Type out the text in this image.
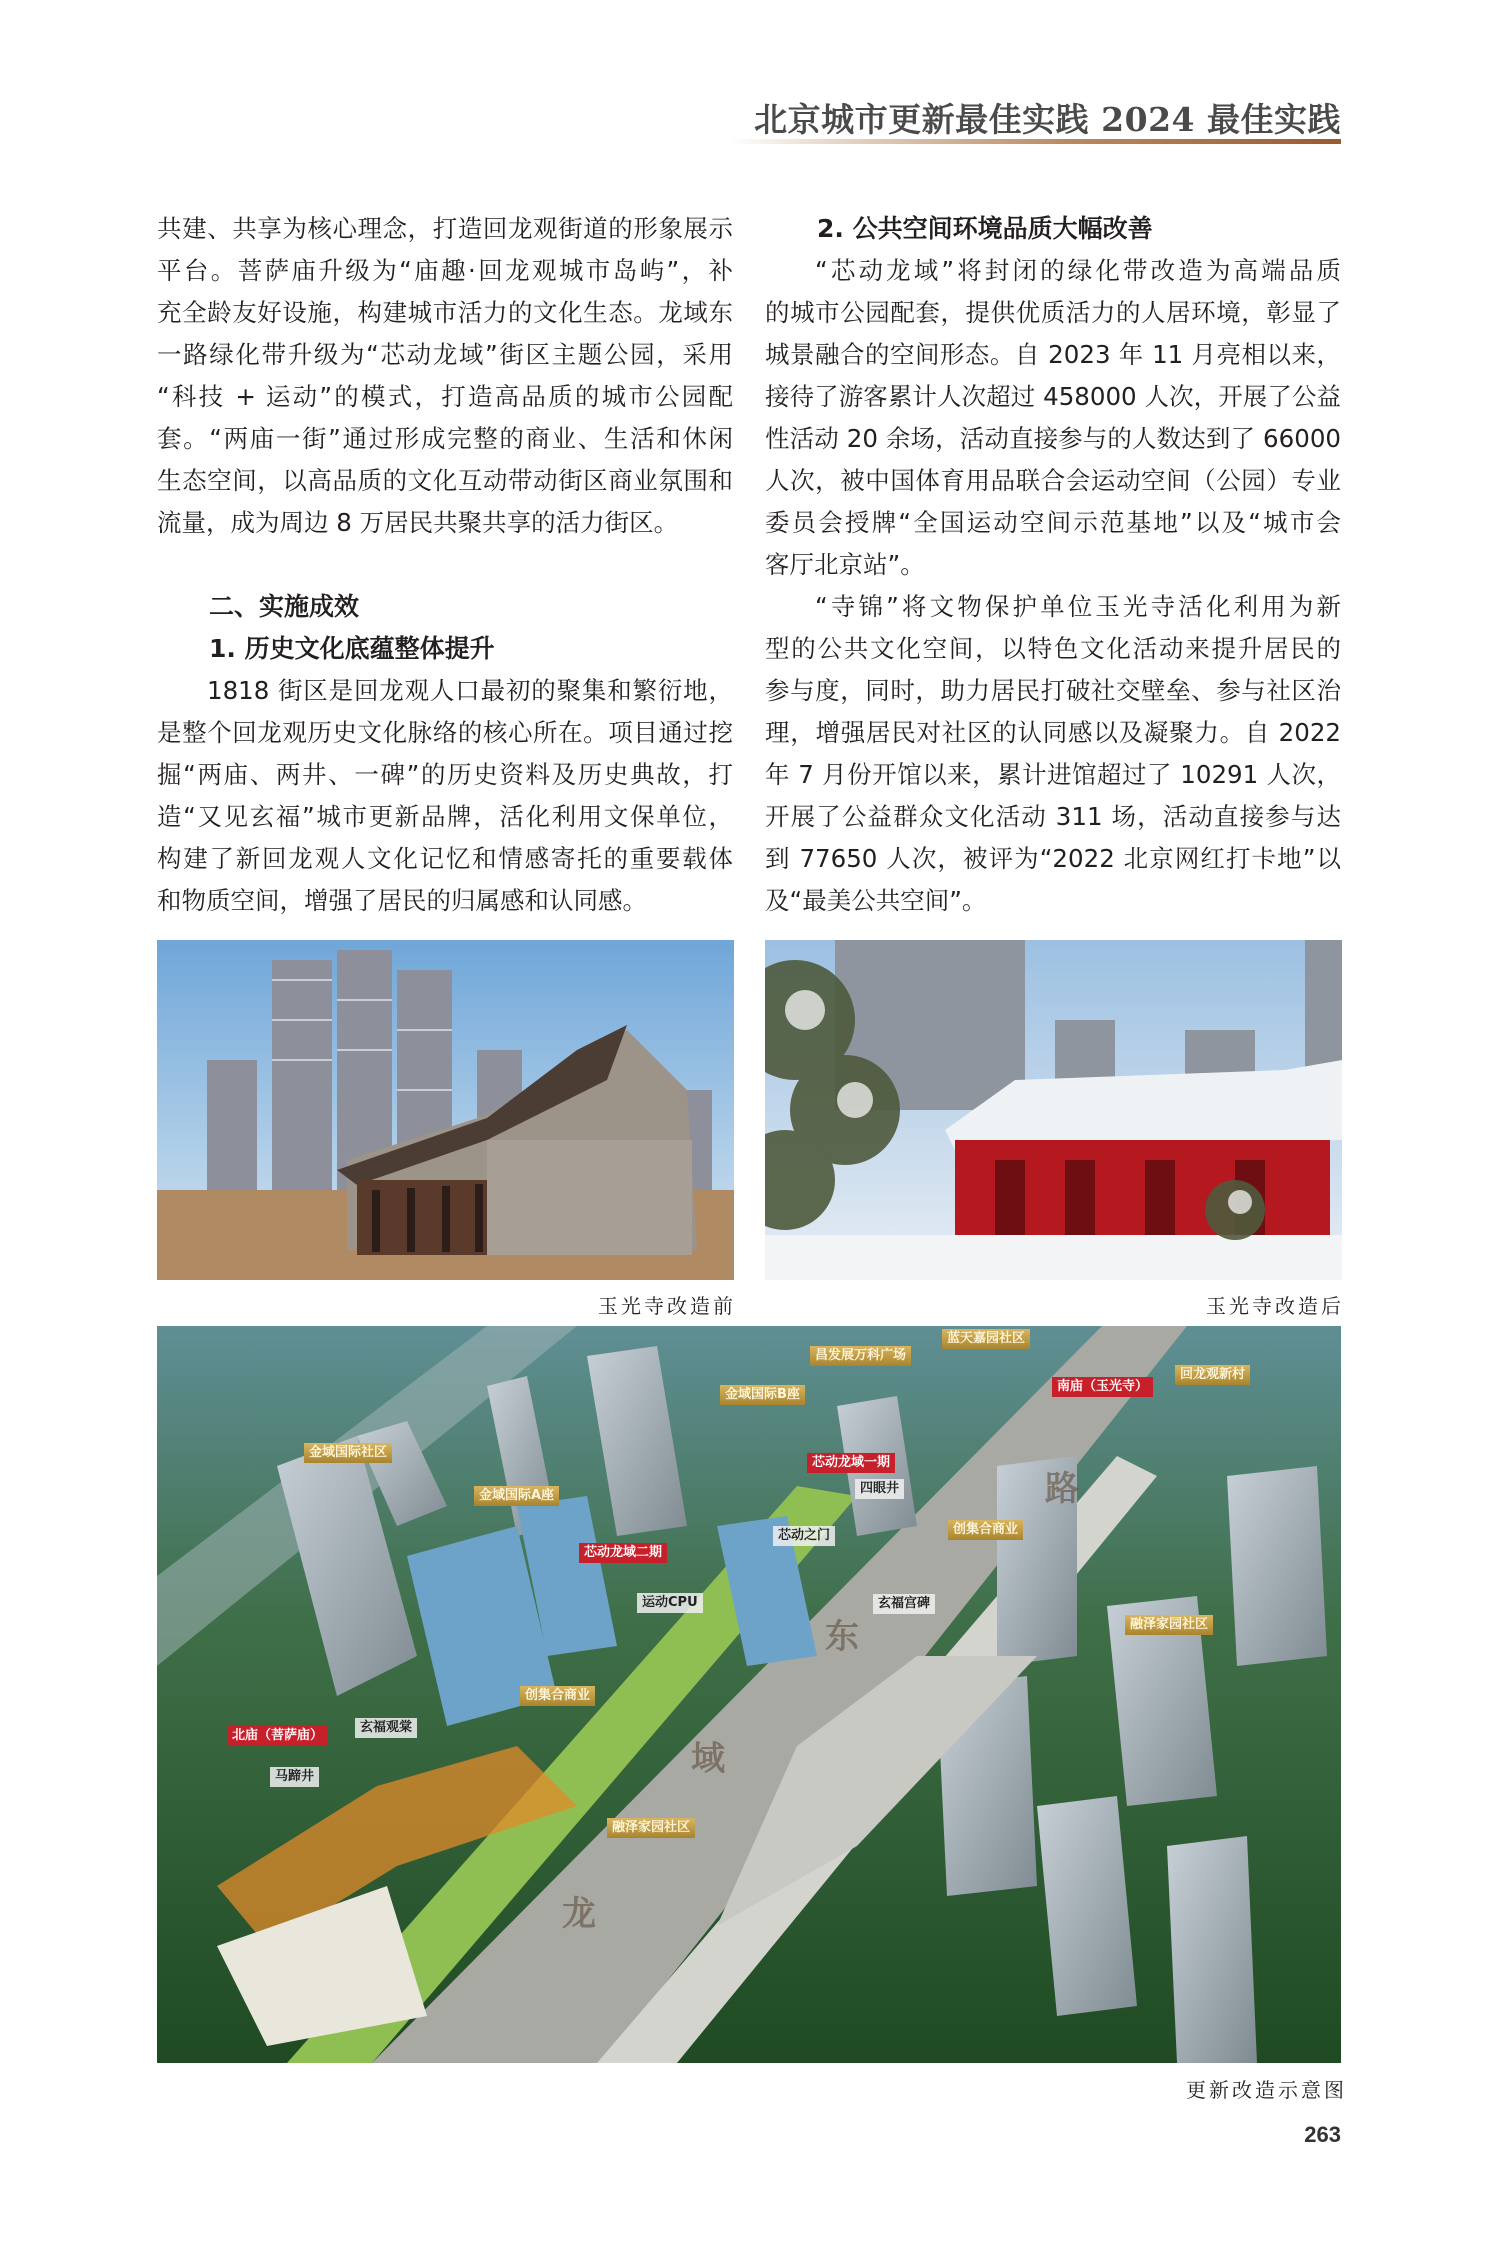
北京城市更新最佳实践 2024 最佳实践
共建、共享为核心理念，打造回龙观街道的形象展示
平台。菩萨庙升级为“庙趣·回龙观城市岛屿”，补
充全龄友好设施，构建城市活力的文化生态。龙域东
一路绿化带升级为“芯动龙域”街区主题公园，采用
“科技 + 运动”的模式，打造高品质的城市公园配
套。“两庙一街”通过形成完整的商业、生活和休闲
生态空间，以高品质的文化互动带动街区商业氛围和
流量，成为周边 8 万居民共聚共享的活力街区。
二、实施成效
1. 历史文化底蕴整体提升
1818 街区是回龙观人口最初的聚集和繁衍地，
是整个回龙观历史文化脉络的核心所在。项目通过挖
掘“两庙、两井、一碑”的历史资料及历史典故，打
造“又见玄福”城市更新品牌，活化利用文保单位，
构建了新回龙观人文化记忆和情感寄托的重要载体
和物质空间，增强了居民的归属感和认同感。
2. 公共空间环境品质大幅改善
“芯动龙域”将封闭的绿化带改造为高端品质
的城市公园配套，提供优质活力的人居环境，彰显了
城景融合的空间形态。自 2023 年 11 月亮相以来，
接待了游客累计人次超过 458000 人次，开展了公益
性活动 20 余场，活动直接参与的人数达到了 66000
人次，被中国体育用品联合会运动空间（公园）专业
委员会授牌“全国运动空间示范基地”以及“城市会
客厅北京站”。
“寺锦”将文物保护单位玉光寺活化利用为新
型的公共文化空间，以特色文化活动来提升居民的
参与度，同时，助力居民打破社交壁垒、参与社区治
理，增强居民对社区的认同感以及凝聚力。自 2022
年 7 月份开馆以来，累计进馆超过了 10291 人次，
开展了公益群众文化活动 311 场，活动直接参与达
到 77650 人次，被评为“2022 北京网红打卡地”以
及“最美公共空间”。
玉光寺改造前	玉光寺改造后
金域国际社区
金域国际A座
芯动龙域二期
运动CPU
蓝天嘉园社区
昌发展万科广场
金域国际B座
南庙（玉光寺）
回龙观新村
芯动龙域一期
四眼井
芯动之门	创集合商业
玄福宫碑
融泽家园社区
北庙（菩萨庙）
马蹄井
玄福观棠
创集合商业
融泽家园社区
东
路
域
龙
更新改造示意图
263
